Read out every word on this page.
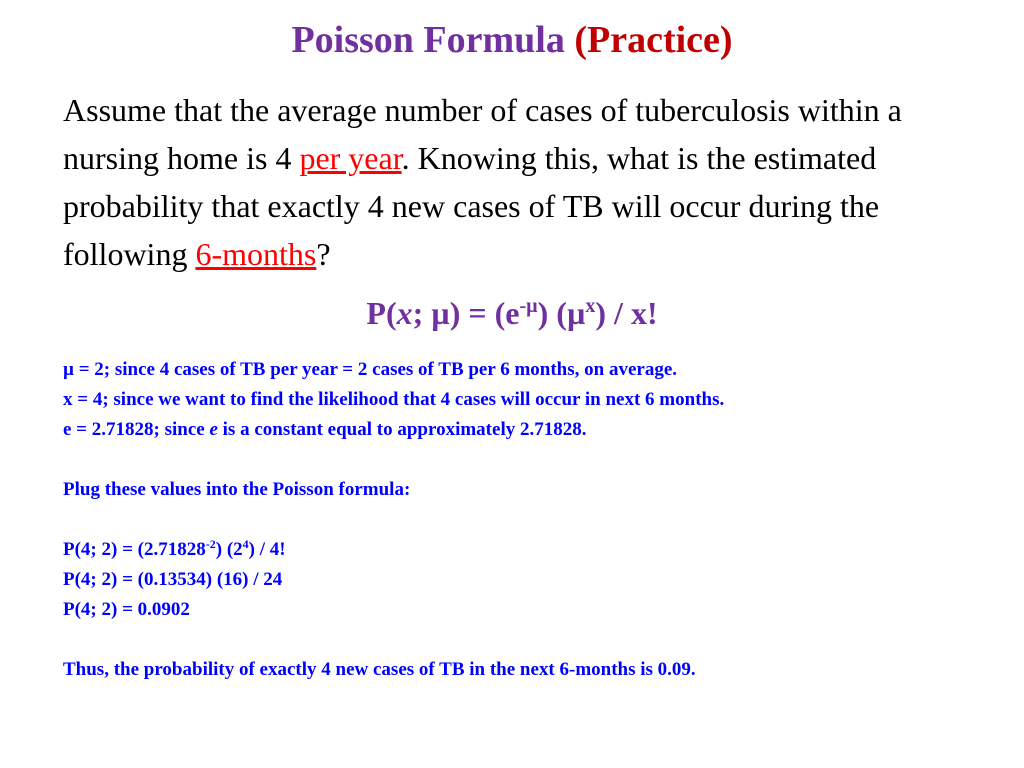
Poisson Formula (Practice)

Assume that the average number of cases of tuberculosis within a nursing home is 4 per year. Knowing this, what is the estimated probability that exactly 4 new cases of TB will occur during the following 6-months?

P(x; $\mu) = (e^{-\mu})$ (µ$^x$) / x!

µ = 2; since 4 cases of TB per year = 2 cases of TB per 6 months, on average.
x = 4; since we want to find the likelihood that 4 cases will occur in next 6 months.
e = 2.71828; since e is a constant equal to approximately 2.71828.
Plug these values into the Poisson formula:
P(4; $2) = (2.71828^{-2})$ $(2^4) / 4$!
P(4; 2) = (0.13534) (16) / 24
P(4; 2) = 0.0902
Thus, the probability of exactly 4 new cases of TB in the next 6-months is 0.09.
